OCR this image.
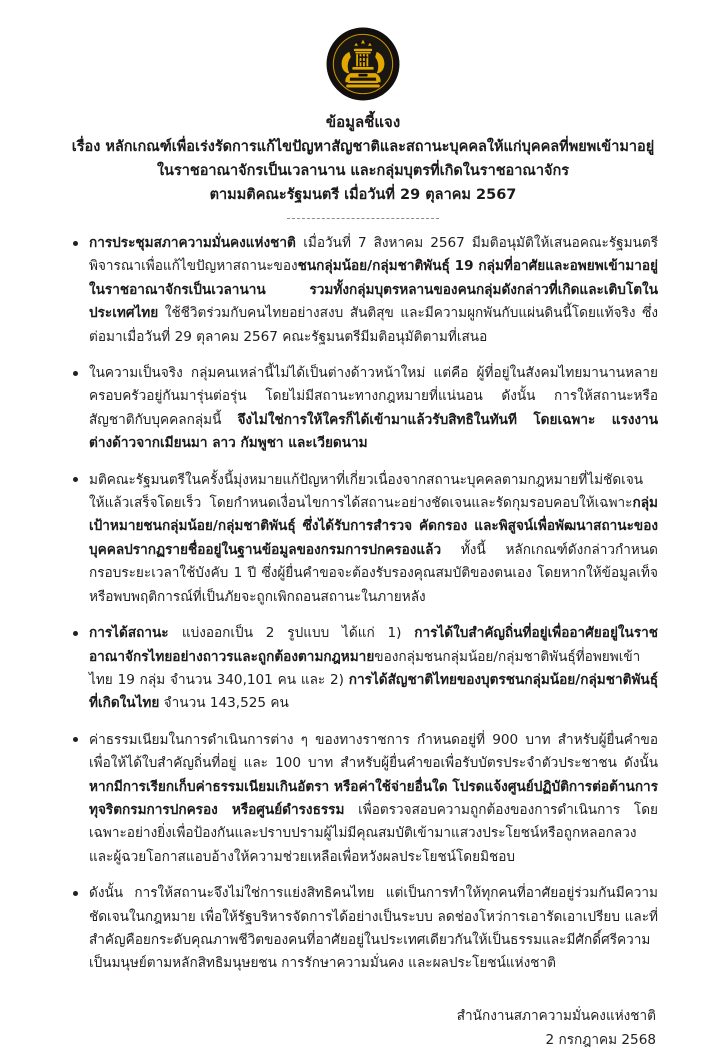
ข้อมูลชี้แจง
เรื่อง หลักเกณฑ์เพื่อเร่งรัดการแก้ไขปัญหาสัญชาติและสถานะบุคคลให้แก่บุคคลที่พยพเข้ามาอยู่
ในราชอาณาจักรเป็นเวลานาน และกลุ่มบุตรที่เกิดในราชอาณาจักร
ตามมติคณะรัฐมนตรี เมื่อวันที่ 29 ตุลาคม 2567
การประชุมสภาความมั่นคงแห่งชาติ เมื่อวันที่ 7 สิงหาคม 2567 มีมติอนุมัติให้เสนอคณะรัฐมนตรีพิจารณาเพื่อแก้ไขปัญหาสถานะของชนกลุ่มน้อย/กลุ่มชาติพันธุ์ 19 กลุ่มที่อาศัยและอพยพเข้ามาอยู่ในราชอาณาจักรเป็นเวลานาน รวมทั้งกลุ่มบุตรหลานของคนกลุ่มดังกล่าวที่เกิดและเติบโตในประเทศไทย ใช้ชีวิตร่วมกับคนไทยอย่างสงบ สันติสุข และมีความผูกพันกับแผ่นดินนี้โดยแท้จริง ซึ่งต่อมาเมื่อวันที่ 29 ตุลาคม 2567 คณะรัฐมนตรีมีมติอนุมัติตามที่เสนอ
ในความเป็นจริง กลุ่มคนเหล่านี้ไม่ได้เป็นต่างด้าวหน้าใหม่ แต่คือ ผู้ที่อยู่ในสังคมไทยมานานหลายครอบครัวอยู่กันมารุ่นต่อรุ่น โดยไม่มีสถานะทางกฎหมายที่แน่นอน ดังนั้น การให้สถานะหรือสัญชาติกับบุคคลกลุ่มนี้ จึงไม่ใช่การให้ใครก็ได้เข้ามาแล้วรับสิทธิในทันที โดยเฉพาะ แรงงานต่างด้าวจากเมียนมา ลาว กัมพูชา และเวียดนาม
มติคณะรัฐมนตรีในครั้งนี้มุ่งหมายแก้ปัญหาที่เกี่ยวเนื่องจากสถานะบุคคลตามกฎหมายที่ไม่ชัดเจนให้แล้วเสร็จโดยเร็ว โดยกำหนดเงื่อนไขการได้สถานะอย่างชัดเจนและรัดกุมรอบคอบให้เฉพาะกลุ่มเป้าหมายชนกลุ่มน้อย/กลุ่มชาติพันธุ์ ซึ่งได้รับการสำรวจ คัดกรอง และพิสูจน์เพื่อพัฒนาสถานะของบุคคลปรากฏรายชื่ออยู่ในฐานข้อมูลของกรมการปกครองแล้ว ทั้งนี้ หลักเกณฑ์ดังกล่าวกำหนดกรอบระยะเวลาใช้บังคับ 1 ปี ซึ่งผู้ยื่นคำขอจะต้องรับรองคุณสมบัติของตนเอง โดยหากให้ข้อมูลเท็จหรือพบพฤติการณ์ที่เป็นภัยจะถูกเพิกถอนสถานะในภายหลัง
การได้สถานะ แบ่งออกเป็น 2 รูปแบบ ได้แก่ 1) การได้ใบสำคัญถิ่นที่อยู่เพื่ออาศัยอยู่ในราชอาณาจักรไทยอย่างถาวรและถูกต้องตามกฎหมายของกลุ่มชนกลุ่มน้อย/กลุ่มชาติพันธุ์ที่อพยพเข้าไทย 19 กลุ่ม จำนวน 340,101 คน และ 2) การได้สัญชาติไทยของบุตรชนกลุ่มน้อย/กลุ่มชาติพันธุ์ที่เกิดในไทย จำนวน 143,525 คน
ค่าธรรมเนียมในการดำเนินการต่าง ๆ ของทางราชการ กำหนดอยู่ที่ 900 บาท สำหรับผู้ยื่นคำขอเพื่อให้ได้ใบสำคัญถิ่นที่อยู่ และ 100 บาท สำหรับผู้ยื่นคำขอเพื่อรับบัตรประจำตัวประชาชน ดังนั้น หากมีการเรียกเก็บค่าธรรมเนียมเกินอัตรา หรือค่าใช้จ่ายอื่นใด โปรดแจ้งศูนย์ปฏิบัติการต่อต้านการทุจริตกรมการปกครอง หรือศูนย์ดำรงธรรม เพื่อตรวจสอบความถูกต้องของการดำเนินการ โดยเฉพาะอย่างยิ่งเพื่อป้องกันและปราบปรามผู้ไม่มีคุณสมบัติเข้ามาแสวงประโยชน์หรือถูกหลอกลวง และผู้ฉวยโอกาสแอบอ้างให้ความช่วยเหลือเพื่อหวังผลประโยชน์โดยมิชอบ
ดังนั้น การให้สถานะจึงไม่ใช่การแย่งสิทธิคนไทย แต่เป็นการทำให้ทุกคนที่อาศัยอยู่ร่วมกันมีความชัดเจนในกฎหมาย เพื่อให้รัฐบริหารจัดการได้อย่างเป็นระบบ ลดช่องโหว่การเอารัดเอาเปรียบ และที่สำคัญคือยกระดับคุณภาพชีวิตของคนที่อาศัยอยู่ในประเทศเดียวกันให้เป็นธรรมและมีศักดิ์ศรีความเป็นมนุษย์ตามหลักสิทธิมนุษยชน การรักษาความมั่นคง และผลประโยชน์แห่งชาติ
สำนักงานสภาความมั่นคงแห่งชาติ
2 กรกฎาคม 2568
